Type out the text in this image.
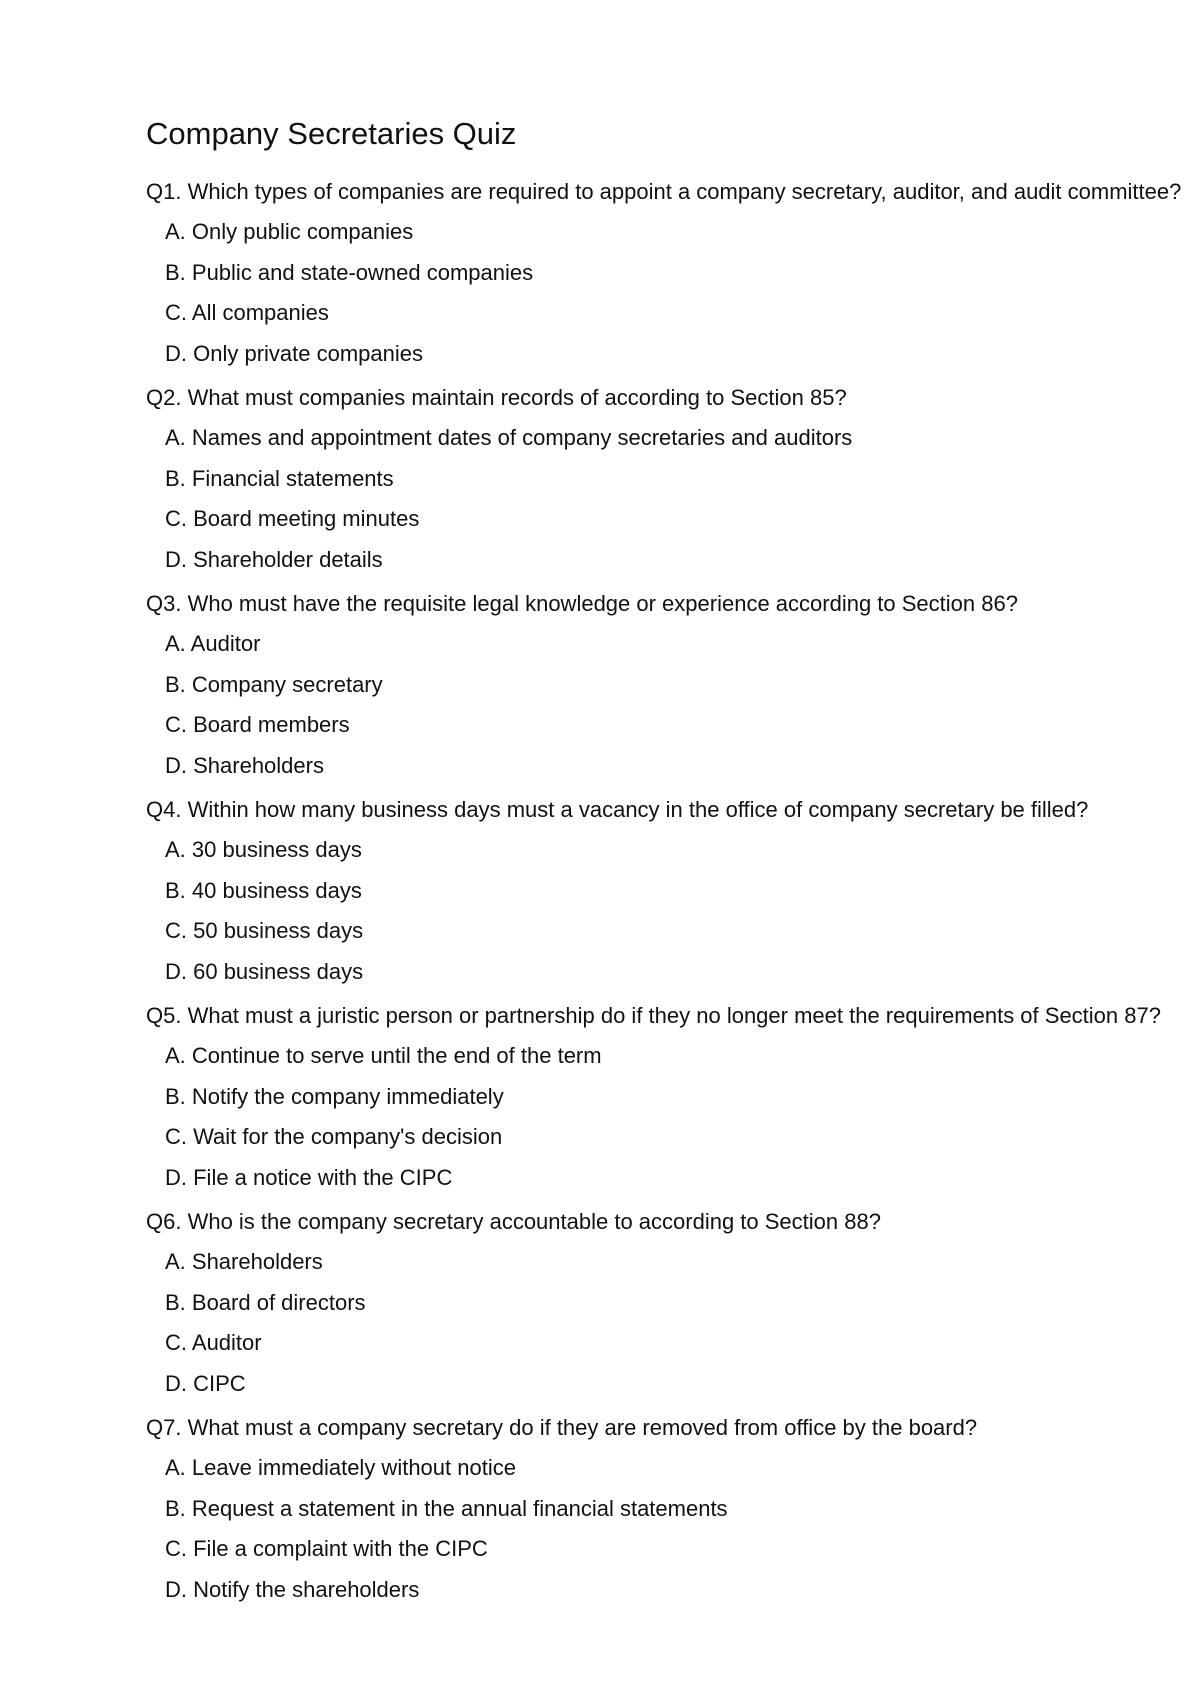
Company Secretaries Quiz

Q1. Which types of companies are required to appoint a company secretary, auditor, and audit committee?

A. Only public companies
B. Public and state-owned companies
C. All companies
D. Only private companies

Q2. What must companies maintain records of according to Section 85?

A. Names and appointment dates of company secretaries and auditors
B. Financial statements
C. Board meeting minutes
D. Shareholder details

Q3. Who must have the requisite legal knowledge or experience according to Section 86?

A. Auditor
B. Company secretary
C. Board members
D. Shareholders

Q4. Within how many business days must a vacancy in the office of company secretary be filled?

A. 30 business days
B. 40 business days
C. 50 business days
D. 60 business days

Q5. What must a juristic person or partnership do if they no longer meet the requirements of Section 87?

A. Continue to serve until the end of the term
B. Notify the company immediately
C. Wait for the company's decision
D. File a notice with the CIPC

Q6. Who is the company secretary accountable to according to Section 88?

A. Shareholders
B. Board of directors
C. Auditor
D. CIPC

Q7. What must a company secretary do if they are removed from office by the board?

A. Leave immediately without notice
B. Request a statement in the annual financial statements
C. File a complaint with the CIPC
D. Notify the shareholders
